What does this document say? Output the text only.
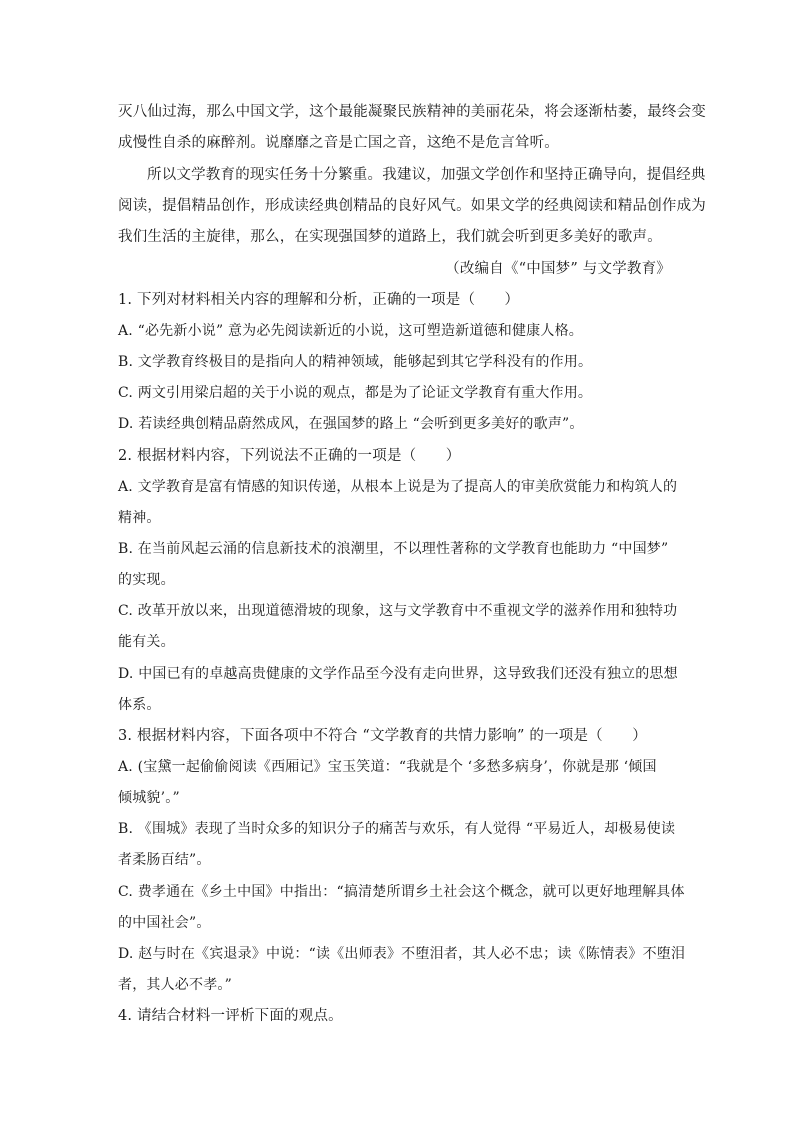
灭八仙过海，那么中国文学，这个最能凝聚民族精神的美丽花朵，将会逐渐枯萎，最终会变
成慢性自杀的麻醉剂。说靡靡之音是亡国之音，这绝不是危言耸听。
所以文学教育的现实任务十分繁重。我建议，加强文学创作和坚持正确导向，提倡经典
阅读，提倡精品创作，形成读经典创精品的良好风气。如果文学的经典阅读和精品创作成为
我们生活的主旋律，那么，在实现强国梦的道路上，我们就会听到更多美好的歌声。
（改编自《“中国梦” 与文学教育》
1. 下列对材料相关内容的理解和分析，正确的一项是（　　）
A. “必先新小说” 意为必先阅读新近的小说，这可塑造新道德和健康人格。
B. 文学教育终极目的是指向人的精神领域，能够起到其它学科没有的作用。
C. 两文引用梁启超的关于小说的观点，都是为了论证文学教育有重大作用。
D. 若读经典创精品蔚然成风，在强国梦的路上 “会听到更多美好的歌声”。
2. 根据材料内容，下列说法不正确的一项是（　　）
A. 文学教育是富有情感的知识传递，从根本上说是为了提高人的审美欣赏能力和构筑人的
精神。
B. 在当前风起云涌的信息新技术的浪潮里，不以理性著称的文学教育也能助力 “中国梦”
的实现。
C. 改革开放以来，出现道德滑坡的现象，这与文学教育中不重视文学的滋养作用和独特功
能有关。
D. 中国已有的卓越高贵健康的文学作品至今没有走向世界，这导致我们还没有独立的思想
体系。
3. 根据材料内容，下面各项中不符合 “文学教育的共情力影响” 的一项是（　　）
A. (宝黛一起偷偷阅读《西厢记》宝玉笑道：“我就是个 ‘多愁多病身’，你就是那 ‘倾国
倾城貌’。”
B. 《围城》表现了当时众多的知识分子的痛苦与欢乐，有人觉得 “平易近人，却极易使读
者柔肠百结”。
C. 费孝通在《乡土中国》中指出：“搞清楚所谓乡土社会这个概念，就可以更好地理解具体
的中国社会”。
D. 赵与时在《宾退录》中说：“读《出师表》不堕泪者，其人必不忠；读《陈情表》不堕泪
者，其人必不孝。”
4. 请结合材料一评析下面的观点。
